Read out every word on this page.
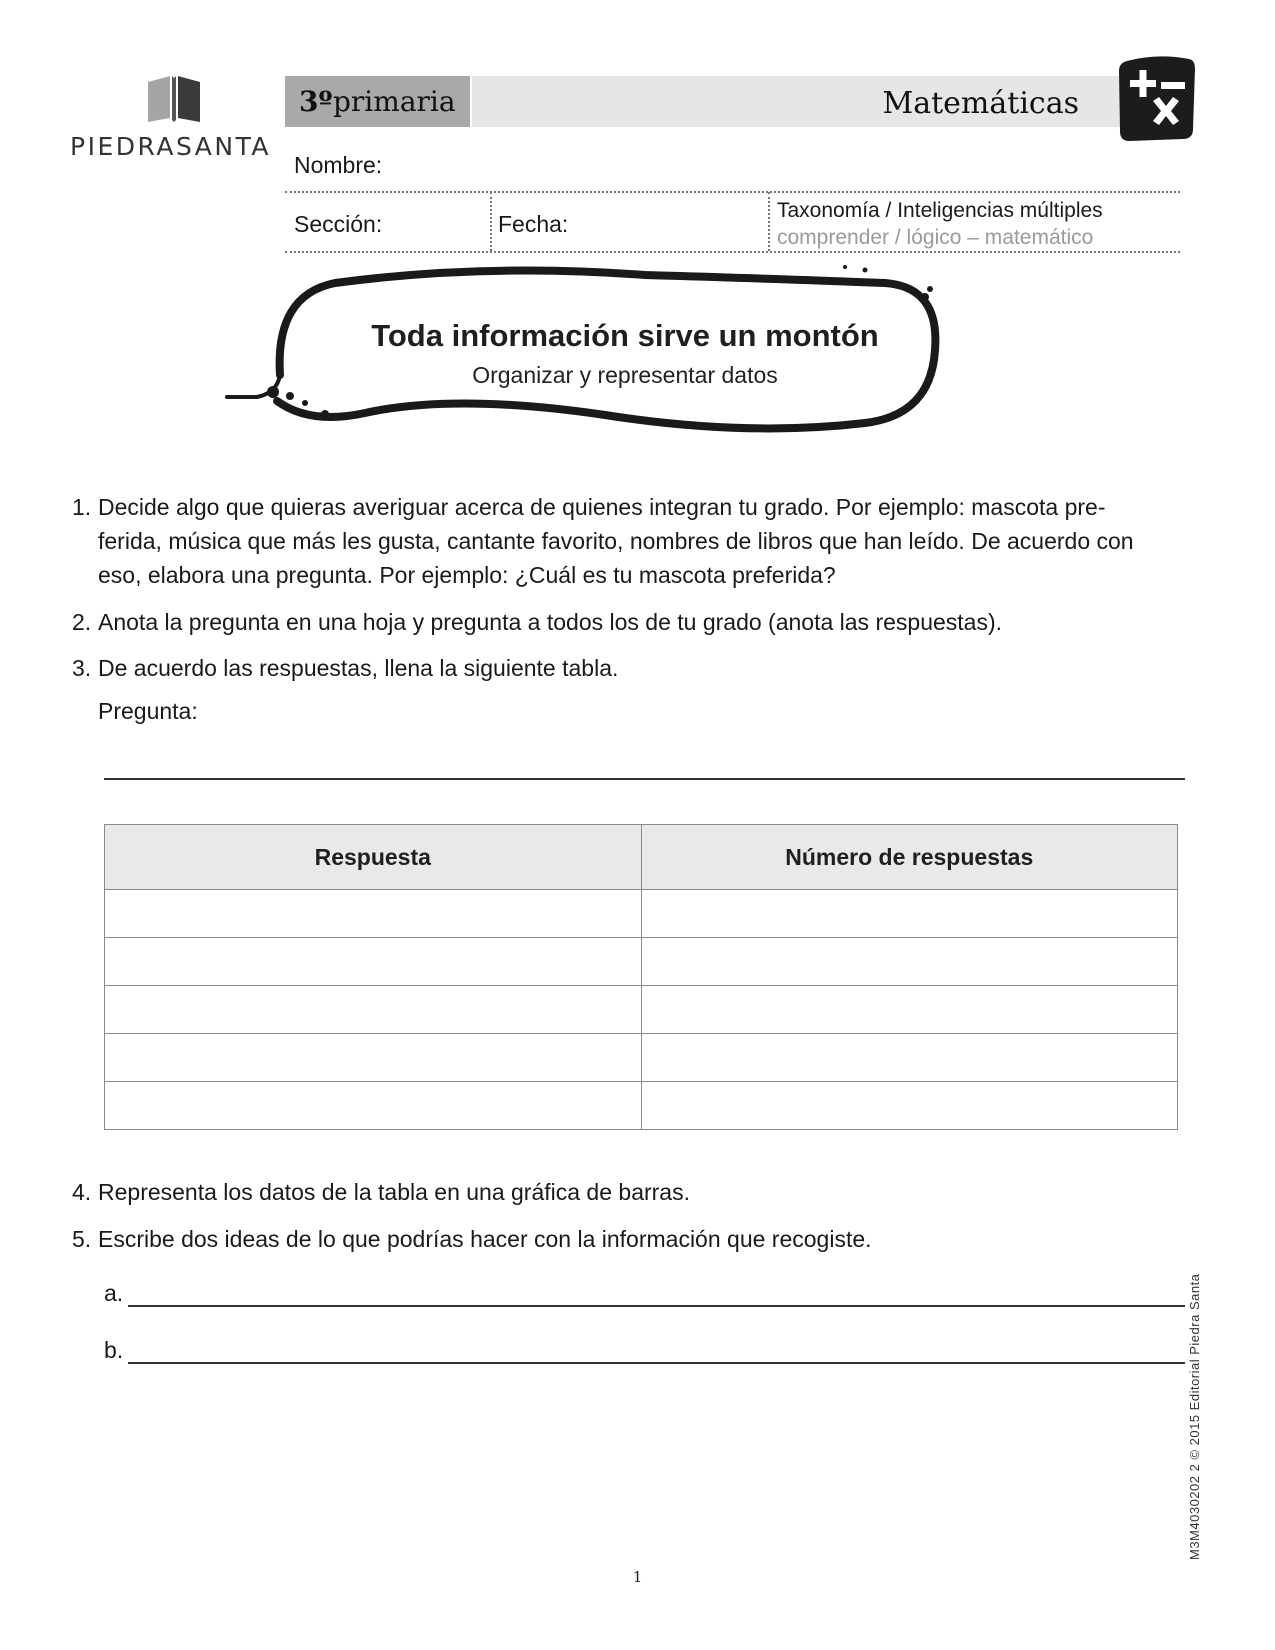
PIEDRASANTA
3º primaria	Matemáticas
Nombre:
Sección:	Fecha:
Taxonomía / Inteligencias múltiples
comprender / lógico – matemático
Toda información sirve un montón
Organizar y representar datos
1. Decide algo que quieras averiguar acerca de quienes integran tu grado. Por ejemplo: mascota pre-
ferida, música que más les gusta, cantante favorito, nombres de libros que han leído. De acuerdo con eso, elabora una pregunta. Por ejemplo: ¿Cuál es tu mascota preferida?
2. Anota la pregunta en una hoja y pregunta a todos los de tu grado (anota las respuestas).
3. De acuerdo las respuestas, llena la siguiente tabla.
Pregunta:
Respuesta	Número de respuestas

4. Representa los datos de la tabla en una gráfica de barras.
5. Escribe dos ideas de lo que podrías hacer con la información que recogiste.
a.
b.	M3M4030202 2 © 2015 Editorial Piedra Santa
1
